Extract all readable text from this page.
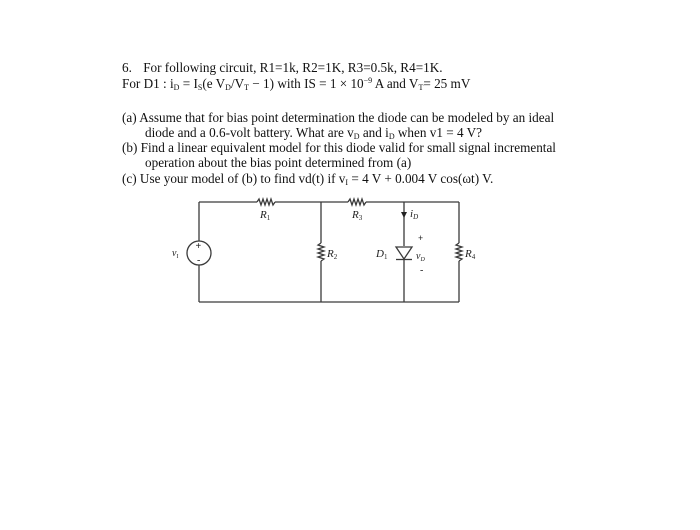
6. For following circuit, R1=1k, R2=1K, R3=0.5k, R4=1K.
For D1 : $i_D = I_S(e$ $V_D/V_T - 1$) with IS = $1 \times 10^{-9}$ A and $V_T= 25$ mV
(a) Assume that for bias point determination the diode can be modeled by an ideal
diode and a 0.6-volt battery. What are $v_D$ and $i_D$ when v1 = 4 V?
(b) Find a linear equivalent model for this diode valid for small signal incremental
operation about the bias point determined from (a)
(c) Use your model of (b) to find vd(t) if $v_I = 4$ V + 0.004 V cos(ωt) V.
+
-
R1	R3
R2	R4
$v_I$	D1
iD
+
$v_D$
-
